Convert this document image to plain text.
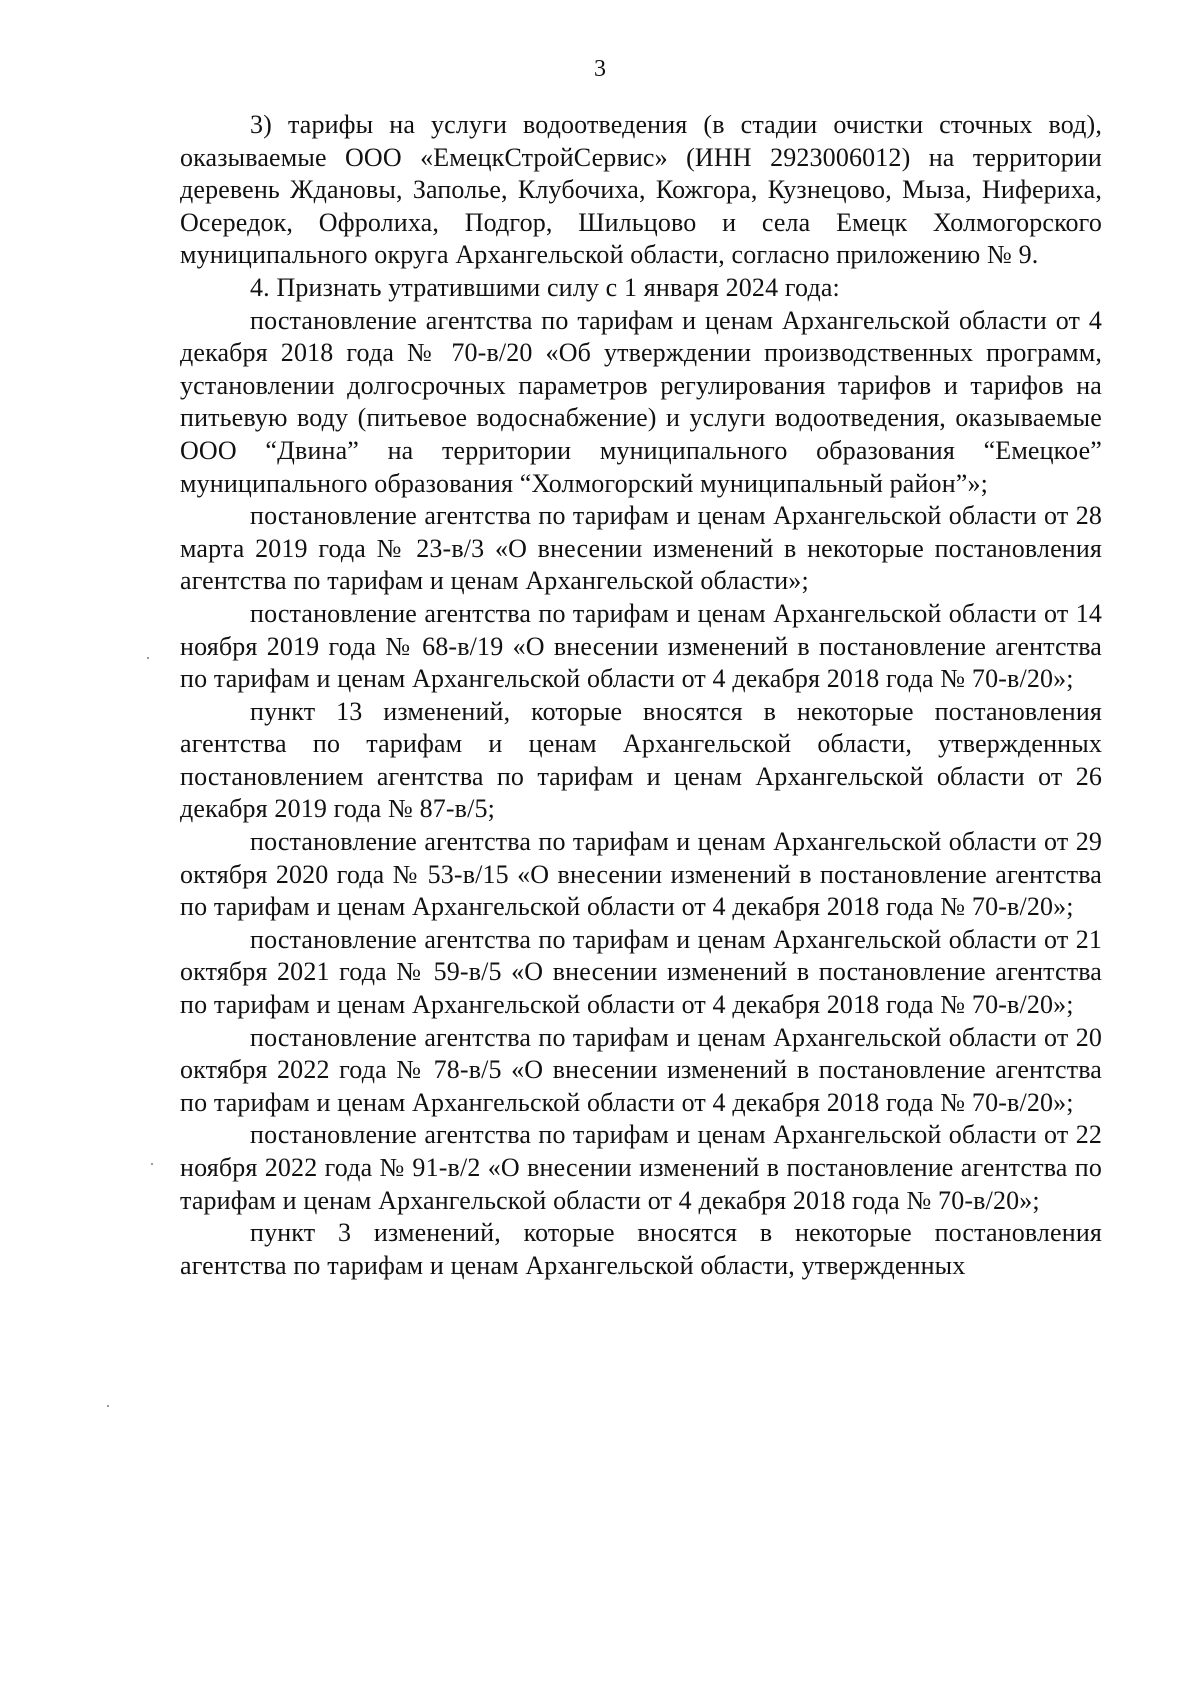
3

3) тарифы на услуги водоотведения (в стадии очистки сточных вод), оказываемые ООО «ЕмецкСтройСервис» (ИНН 2923006012) на территории деревень Ждановы, Заполье, Клубочиха, Кожгора, Кузнецово, Мыза, Нифериха, Осередок, Офролиха, Подгор, Шильцово и села Емецк Холмогорского муниципального округа Архангельской области, согласно приложению № 9.

4. Признать утратившими силу с 1 января 2024 года:

постановление агентства по тарифам и ценам Архангельской области от 4 декабря 2018 года № 70-в/20 «Об утверждении производственных программ, установлении долгосрочных параметров регулирования тарифов и тарифов на питьевую воду (питьевое водоснабжение) и услуги водоотведения, оказываемые ООО “Двина” на территории муниципального образования “Емецкое” муниципального образования “Холмогорский муниципальный район”»;

постановление агентства по тарифам и ценам Архангельской области от 28 марта 2019 года № 23-в/3 «О внесении изменений в некоторые постановления агентства по тарифам и ценам Архангельской области»;

постановление агентства по тарифам и ценам Архангельской области от 14 ноября 2019 года № 68-в/19 «О внесении изменений в постановление агентства по тарифам и ценам Архангельской области от 4 декабря 2018 года № 70-в/20»;

пункт 13 изменений, которые вносятся в некоторые постановления агентства по тарифам и ценам Архангельской области, утвержденных постановлением агентства по тарифам и ценам Архангельской области от 26 декабря 2019 года № 87-в/5;

постановление агентства по тарифам и ценам Архангельской области от 29 октября 2020 года № 53-в/15 «О внесении изменений в постановление агентства по тарифам и ценам Архангельской области от 4 декабря 2018 года № 70-в/20»;

постановление агентства по тарифам и ценам Архангельской области от 21 октября 2021 года № 59-в/5 «О внесении изменений в постановление агентства по тарифам и ценам Архангельской области от 4 декабря 2018 года № 70-в/20»;

постановление агентства по тарифам и ценам Архангельской области от 20 октября 2022 года № 78-в/5 «О внесении изменений в постановление агентства по тарифам и ценам Архангельской области от 4 декабря 2018 года № 70-в/20»;

постановление агентства по тарифам и ценам Архангельской области от 22 ноября 2022 года № 91-в/2 «О внесении изменений в постановление агентства по тарифам и ценам Архангельской области от 4 декабря 2018 года № 70-в/20»;

пункт 3 изменений, которые вносятся в некоторые постановления агентства по тарифам и ценам Архангельской области, утвержденных
